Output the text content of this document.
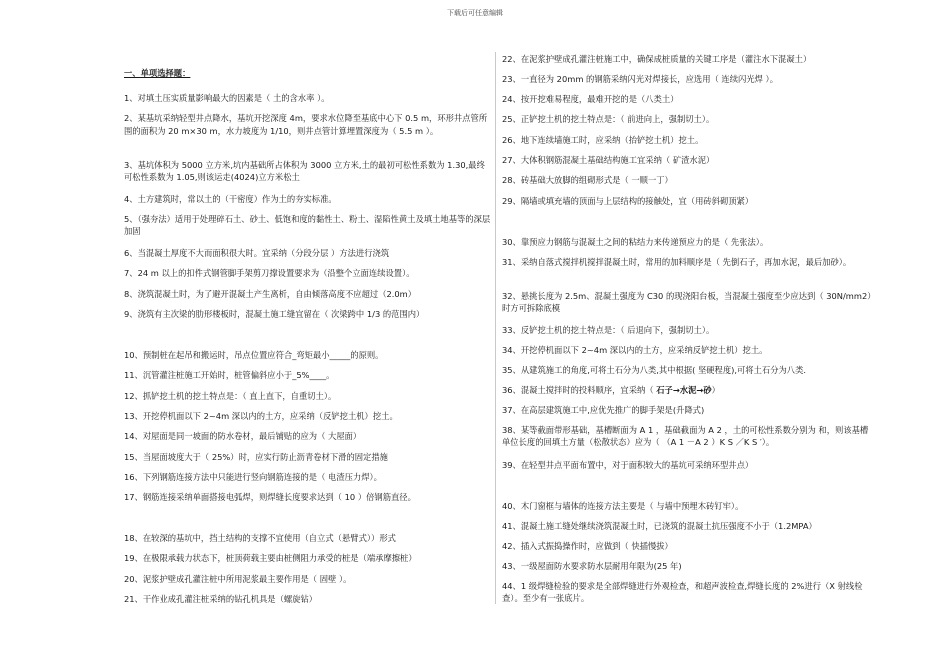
下载后可任意编辑
一、单项选择题：
1、对填土压实质量影响最大的因素是（ 土的含水率 ）。
2、某基坑采纳轻型井点降水，基坑开挖深度 4m，要求水位降至基底中心下 0.5 m，环形井点管所围的面积为 20 m×30 m，水力坡度为 1/10，则井点管计算埋置深度为（ 5.5 m ）。
3、基坑体积为 5000 立方米,坑内基础所占体积为 3000 立方米,土的最初可松性系数为 1.30,最终可松性系数为 1.05,则该运走(4024)立方米松土
4、土方建筑时，常以土的（干密度）作为土的夯实标准。
5、（强夯法）适用于处理碎石土、砂土、低饱和度的黏性土、粉土、湿陷性黄土及填土地基等的深层加固
6、当混凝土厚度不大而面积很大时。宜采纳（分段分层 ）方法进行浇筑
7、24 m 以上的扣件式钢管脚手架剪刀撑设置要求为（沿整个立面连续设置）。
8、浇筑混凝土时，为了避开混凝土产生离析，自由倾落高度不应超过（2.0m）
9、浇筑有主次梁的肋形楼板时，混凝土施工缝宜留在（ 次梁跨中 1/3 的范围内）
10、预制桩在起吊和搬运时，吊点位置应符合_弯矩最小_____的原则。
11、沉管灌注桩施工开始时，桩管偏斜应小于_5%____。
12、抓铲挖土机的挖土特点是：（ 直上直下，自重切土）。
13、开挖停机面以下 2~4m 深以内的土方，应采纳（反铲挖土机）挖土。
14、对屋面是同一坡面的防水卷材，最后铺贴的应为（ 大屋面）
15、当屋面坡度大于（ 25%）时，应实行防止沥青卷材下滑的固定措施
16、下列钢筋连接方法中只能进行竖向钢筋连接的是（ 电渣压力焊）。
17、钢筋连接采纳单面搭接电弧焊，则焊缝长度要求达到（ 10 ）倍钢筋直径。
18、在较深的基坑中，挡土结构的支撑不宜使用（自立式（悬臂式））形式
19、在极限承载力状态下，桩顶荷载主要由桩侧阻力承受的桩是（端承摩擦桩）
20、泥浆护壁成孔灌注桩中所用泥浆最主要作用是（ 固壁 ）。
21、干作业成孔灌注桩采纳的钻孔机具是（螺旋钻）
22、在泥浆护壁成孔灌注桩施工中，确保成桩质量的关键工序是（灌注水下混凝土）
23、一直径为 20mm 的钢筋采纳闪光对焊接长，应选用（ 连续闪光焊 ）。
24、按开挖难易程度，最难开挖的是（八类土）
25、正铲挖土机的挖土特点是：（ 前进向上，强制切土）。
26、地下连续墙施工时，应采纳（抬铲挖土机）挖土。
27、大体积钢筋混凝土基础结构施工宜采纳（ 矿渣水泥）
28、砖基础大放脚的组砌形式是（ 一顺一丁）
29、隔墙或填充墙的顶面与上层结构的接触处，宜（用砖斜砌顶紧）
30、靠预应力钢筋与混凝土之间的粘结力来传递预应力的是（ 先张法）。
31、采纳自落式搅拌机搅拌混凝土时，常用的加料顺序是（ 先倒石子，再加水泥，最后加砂）。
32、悬挑长度为 2.5m、混凝土强度为 C30 的现浇阳台板，当混凝土强度至少应达到（ 30N/mm2）时方可拆除底模
33、反铲挖土机的挖土特点是：（ 后退向下，强制切土）。
34、开挖停机面以下 2~4m 深以内的土方，应采纳反铲挖土机）挖土。
35、从建筑施工的角度,可将土石分为八类,其中根据( 坚硬程度),可将土石分为八类.
36、混凝土搅拌时的投料顺序，宜采纳（ 石子→水泥→砂）
37、在高层建筑施工中,应优先推广的脚手架是(升降式)
38、某等截面带形基础，基槽断面为 A 1 ，基础截面为 A 2 ，土的可松性系数分别为 和，则该基槽单位长度的回填土方量（松散状态）应为（ （A 1 －A 2 ）K S ／K S ′）。
39、在轻型井点平面布置中，对于面积较大的基坑可采纳环型井点）
40、木门窗框与墙体的连接方法主要是（ 与墙中预埋木砖钉牢）。
41、混凝土施工缝处继续浇筑混凝土时，已浇筑的混凝土抗压强度不小于（1.2MPA）
42、插入式振捣操作时，应做到（ 快插慢拔）
43、一级屋面防水要求防水层耐用年限为(25 年)
44、1 级焊缝检验的要求是全部焊缝进行外观检查，和超声波检查,焊缝长度的 2%进行（X 射线检查）。至少有一张底片。
